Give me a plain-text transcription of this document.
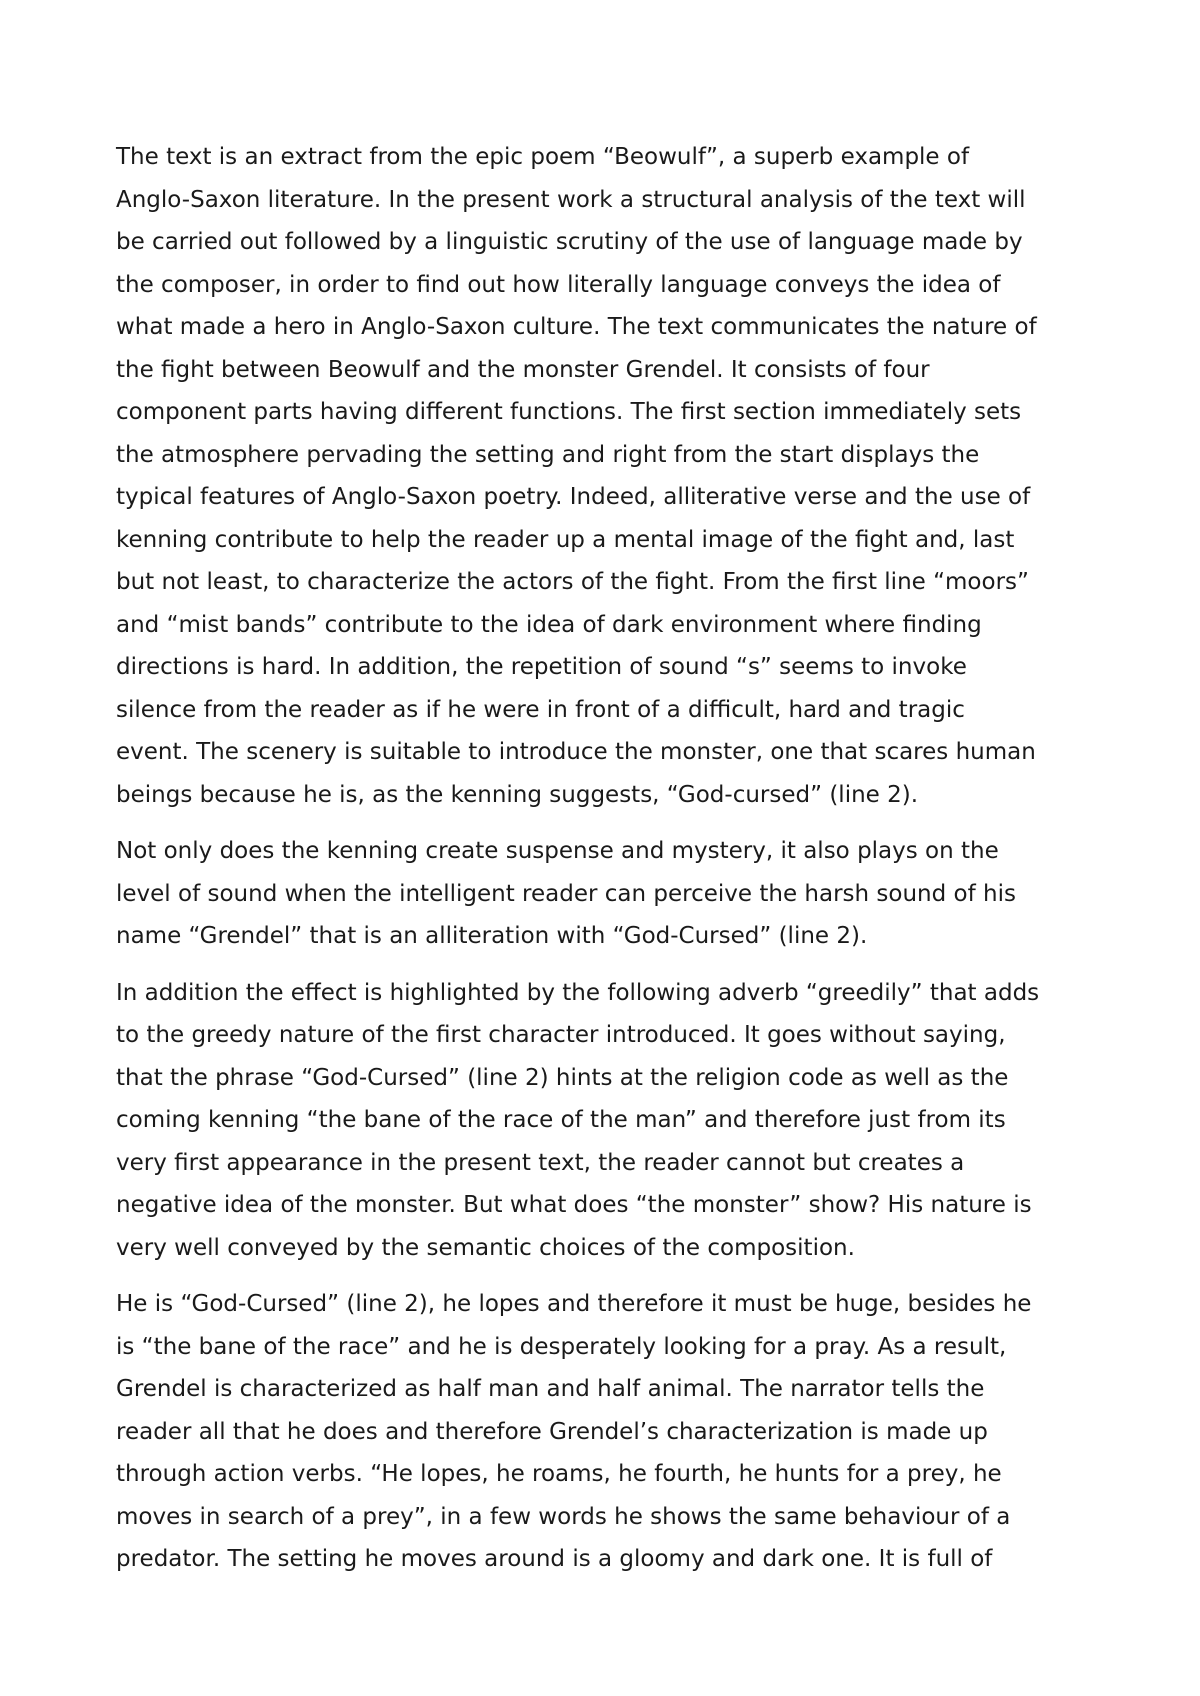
The text is an extract from the epic poem “Beowulf”, a superb example of
Anglo-Saxon literature. In the present work a structural analysis of the text will
be carried out followed by a linguistic scrutiny of the use of language made by
the composer, in order to find out how literally language conveys the idea of
what made a hero in Anglo-Saxon culture. The text communicates the nature of
the fight between Beowulf and the monster Grendel. It consists of four
component parts having different functions. The first section immediately sets
the atmosphere pervading the setting and right from the start displays the
typical features of Anglo-Saxon poetry. Indeed, alliterative verse and the use of
kenning contribute to help the reader up a mental image of the fight and, last
but not least, to characterize the actors of the fight. From the first line “moors”
and “mist bands” contribute to the idea of dark environment where finding
directions is hard. In addition, the repetition of sound “s” seems to invoke
silence from the reader as if he were in front of a difficult, hard and tragic
event. The scenery is suitable to introduce the monster, one that scares human
beings because he is, as the kenning suggests, “God-cursed” (line 2).

Not only does the kenning create suspense and mystery, it also plays on the
level of sound when the intelligent reader can perceive the harsh sound of his
name “Grendel” that is an alliteration with “God-Cursed” (line 2).

In addition the effect is highlighted by the following adverb “greedily” that adds
to the greedy nature of the first character introduced. It goes without saying,
that the phrase “God-Cursed” (line 2) hints at the religion code as well as the
coming kenning “the bane of the race of the man” and therefore just from its
very first appearance in the present text, the reader cannot but creates a
negative idea of the monster. But what does “the monster” show? His nature is
very well conveyed by the semantic choices of the composition.

He is “God-Cursed” (line 2), he lopes and therefore it must be huge, besides he
is “the bane of the race” and he is desperately looking for a pray. As a result,
Grendel is characterized as half man and half animal. The narrator tells the
reader all that he does and therefore Grendel’s characterization is made up
through action verbs. “He lopes, he roams, he fourth, he hunts for a prey, he
moves in search of a prey”, in a few words he shows the same behaviour of a
predator. The setting he moves around is a gloomy and dark one. It is full of
